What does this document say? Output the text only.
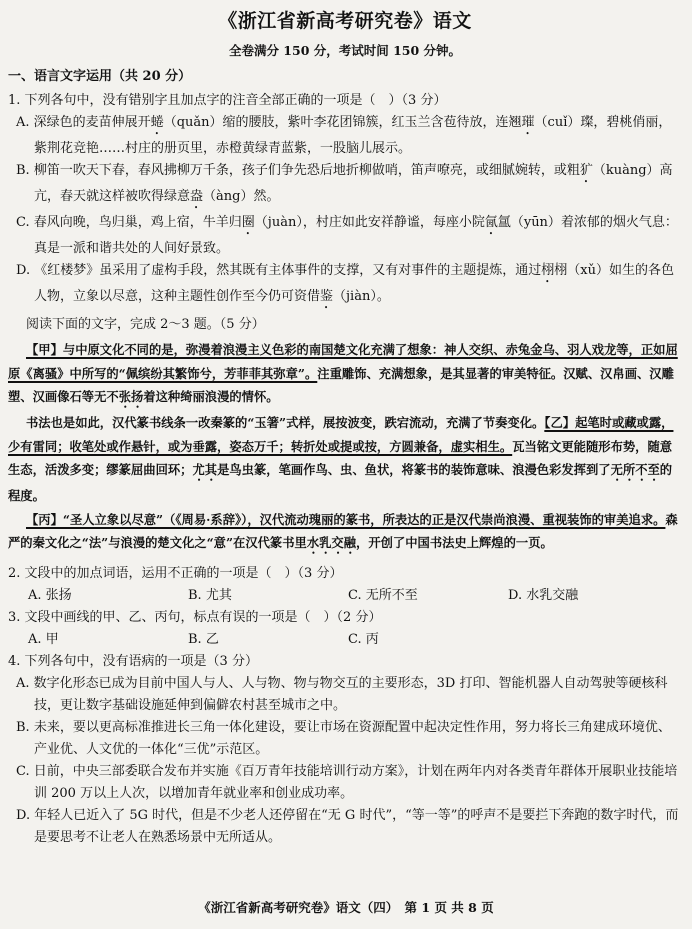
《浙江省新高考研究卷》语文
全卷满分 150 分，考试时间 150 分钟。
一、语言文字运用（共 20 分）

1. 下列各句中，没有错别字且加点字的注音全部正确的一项是（　）（3 分）

A. 深绿色的麦苗伸展开蜷（quǎn）缩的腰肢，紫叶李花团锦簇，红玉兰含苞待放，连翘璀（cuǐ）璨，碧桃俏丽，紫荆花竞艳……村庄的册页里，赤橙黄绿青蓝紫，一股脑儿展示。

B. 柳笛一吹天下春，春风拂柳万千条，孩子们争先恐后地折柳做哨，笛声嘹亮，或细腻婉转，或粗犷（kuàng）高亢，春天就这样被吹得绿意盎（àng）然。

C. 春风向晚，鸟归巢，鸡上宿，牛羊归圈（juàn），村庄如此安祥静谧，每座小院氤氲（yūn）着浓郁的烟火气息：真是一派和谐共处的人间好景致。

D. 《红楼梦》虽采用了虚构手段，然其既有主体事件的支撑，又有对事件的主题提炼，通过栩栩（xǔ）如生的各色人物，立象以尽意，这种主题性创作至今仍可资借鉴（jiàn）。

阅读下面的文字，完成 2～3 题。（5 分）

【甲】与中原文化不同的是，弥漫着浪漫主义色彩的南国楚文化充满了想象：神人交织、赤兔金乌、羽人戏龙等，正如屈原《离骚》中所写的“佩缤纷其繁饰兮，芳菲菲其弥章”。注重雕饰、充满想象，是其显著的审美特征。汉赋、汉帛画、汉雕塑、汉画像石等无不张扬着这种绮丽浪漫的情怀。

书法也是如此，汉代篆书线条一改秦篆的“玉箸”式样，展按波变，跌宕流动，充满了节奏变化。【乙】起笔时或藏或露，少有雷同；收笔处或作悬针，或为垂露，姿态万千；转折处或提或按，方圆兼备，虚实相生。瓦当铭文更能随形布势，随意生态，活泼多变；缪篆屈曲回环；尤其是鸟虫篆，笔画作鸟、虫、鱼状，将篆书的装饰意味、浪漫色彩发挥到了无所不至的程度。

【丙】“圣人立象以尽意”（《周易·系辞》），汉代流动瑰丽的篆书，所表达的正是汉代崇尚浪漫、重视装饰的审美追求。森严的秦文化之“法”与浪漫的楚文化之“意”在汉代篆书里水乳交融，开创了中国书法史上辉煌的一页。

2. 文段中的加点词语，运用不正确的一项是（　）（3 分）

A. 张扬	B. 尤其	C. 无所不至	D. 水乳交融

3. 文段中画线的甲、乙、丙句，标点有误的一项是（　）（2 分）

A. 甲	B. 乙	C. 丙

4. 下列各句中，没有语病的一项是（3 分）

A. 数字化形态已成为目前中国人与人、人与物、物与物交互的主要形态，3D 打印、智能机器人自动驾驶等硬核科技，更让数字基础设施延伸到偏僻农村甚至城市之中。

B. 未来，要以更高标准推进长三角一体化建设，要让市场在资源配置中起决定性作用，努力将长三角建成环境优、产业优、人文优的一体化“三优”示范区。

C. 日前，中央三部委联合发布并实施《百万青年技能培训行动方案》，计划在两年内对各类青年群体开展职业技能培训 200 万以上人次，以增加青年就业率和创业成功率。

D. 年轻人已近入了 5G 时代，但是不少老人还停留在“无 G 时代”，“等一等”的呼声不是要拦下奔跑的数字时代，而是要思考不让老人在熟悉场景中无所适从。

《浙江省新高考研究卷》语文（四）　第 1 页 共 8 页
